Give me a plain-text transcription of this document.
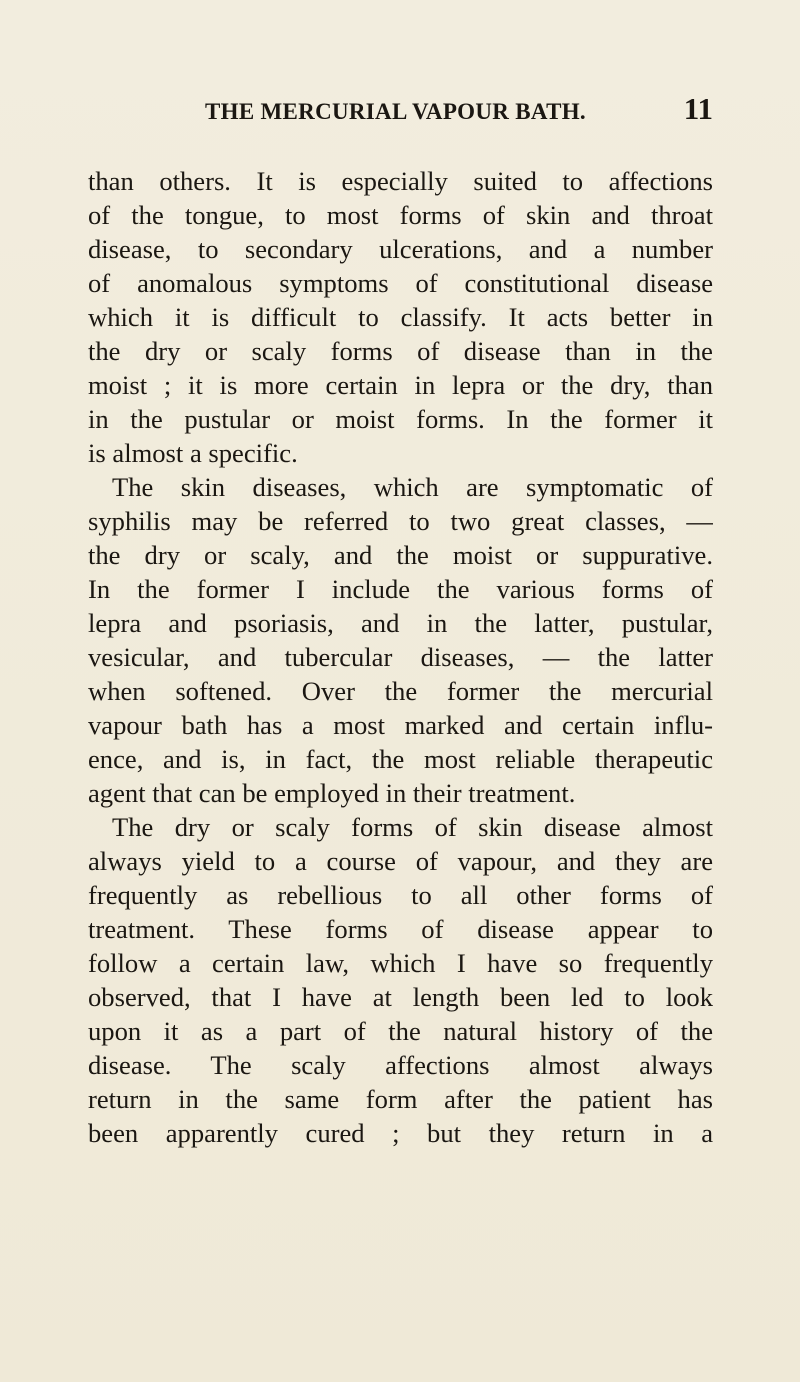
THE MERCURIAL VAPOUR BATH.	11
than others. It is especially suited to affections
of the tongue, to most forms of skin and throat
disease, to secondary ulcerations, and a number
of anomalous symptoms of constitutional disease
which it is difficult to classify. It acts better in
the dry or scaly forms of disease than in the
moist ; it is more certain in lepra or the dry, than
in the pustular or moist forms. In the former it
is almost a specific.
The skin diseases, which are symptomatic of
syphilis may be referred to two great classes, —
the dry or scaly, and the moist or suppurative.
In the former I include the various forms of
lepra and psoriasis, and in the latter, pustular,
vesicular, and tubercular diseases, — the latter
when softened. Over the former the mercurial
vapour bath has a most marked and certain influ-
ence, and is, in fact, the most reliable therapeutic
agent that can be employed in their treatment.
The dry or scaly forms of skin disease almost
always yield to a course of vapour, and they are
frequently as rebellious to all other forms of
treatment. These forms of disease appear to
follow a certain law, which I have so frequently
observed, that I have at length been led to look
upon it as a part of the natural history of the
disease. The scaly affections almost always
return in the same form after the patient has
been apparently cured ; but they return in a
